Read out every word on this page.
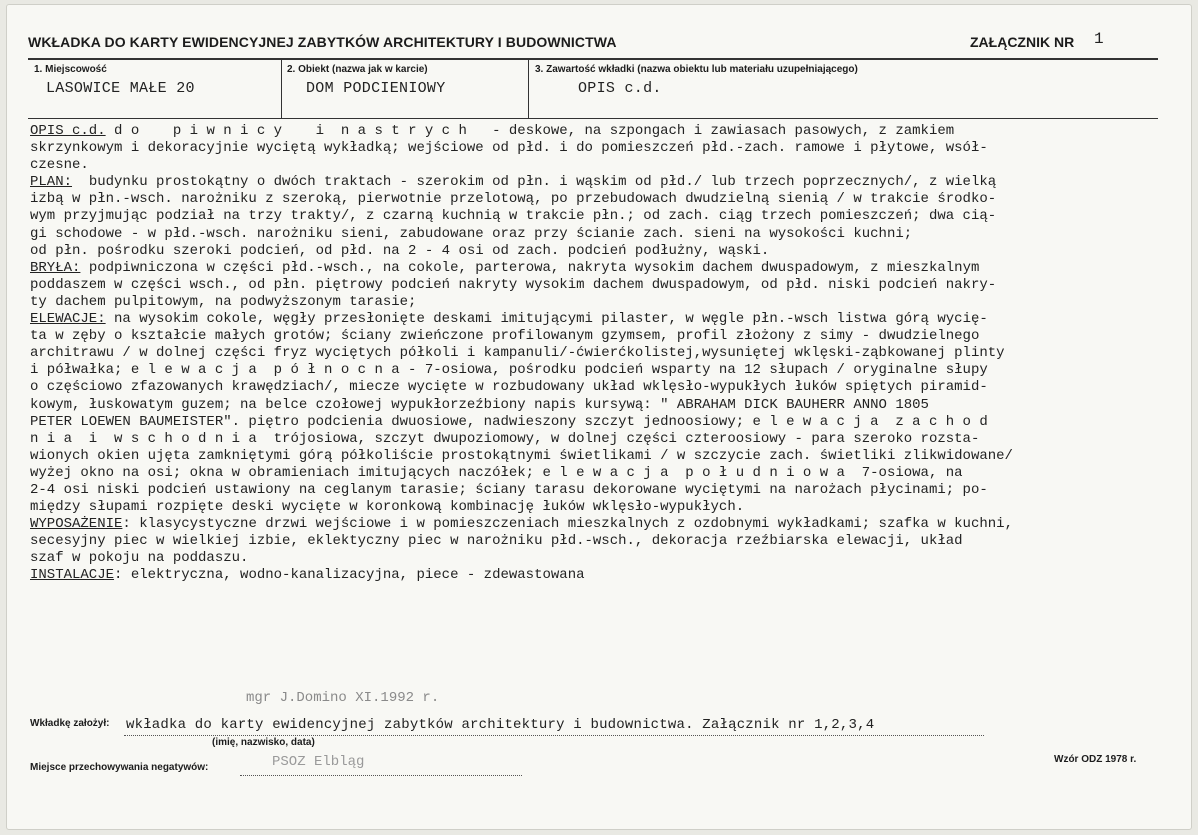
WKŁADKA DO KARTY EWIDENCYJNEJ ZABYTKÓW ARCHITEKTURY I BUDOWNICTWA	ZAŁĄCZNIK NR 1
1. Miejscowość
LASOWICE MAŁE 20
2. Obiekt (nazwa jak w karcie)
DOM PODCIENIOWY
3. Zawartość wkładki (nazwa obiektu lub materiału uzupełniającego)
OPIS c.d.
OPIS c.d. d o    p i w n i c y    i  n a s t r y c h   - deskowe, na szpongach i zawiasach pasowych, z zamkiem
skrzynkowym i dekoracyjnie wyciętą wykładką; wejściowe od płd. i do pomieszczeń płd.-zach. ramowe i płytowe, wsół-
czesne.
PLAN:  budynku prostokątny o dwóch traktach - szerokim od płn. i wąskim od płd./ lub trzech poprzecznych/, z wielką
izbą w płn.-wsch. narożniku z szeroką, pierwotnie przelotową, po przebudowach dwudzielną sienią / w trakcie środko-
wym przyjmując podział na trzy trakty/, z czarną kuchnią w trakcie płn.; od zach. ciąg trzech pomieszczeń; dwa cią-
gi schodowe - w płd.-wsch. narożniku sieni, zabudowane oraz przy ścianie zach. sieni na wysokości kuchni;
od płn. pośrodku szeroki podcień, od płd. na 2 - 4 osi od zach. podcień podłużny, wąski.
BRYŁA: podpiwniczona w części płd.-wsch., na cokole, parterowa, nakryta wysokim dachem dwuspadowym, z mieszkalnym
poddaszem w części wsch., od płn. piętrowy podcień nakryty wysokim dachem dwuspadowym, od płd. niski podcień nakry-
ty dachem pulpitowym, na podwyższonym tarasie;
ELEWACJE: na wysokim cokole, węgły przesłonięte deskami imitującymi pilaster, w węgle płn.-wsch listwa górą wycię-
ta w zęby o kształcie małych grotów; ściany zwieńczone profilowanym gzymsem, profil złożony z simy - dwudzielnego
architrawu / w dolnej części fryz wyciętych półkoli i kampanuli/-ćwierćkolistej,wysuniętej wklęski-ząbkowanej plinty
i półwałka; e l e w a c j a  p ó ł n o c n a - 7-osiowa, pośrodku podcień wsparty na 12 słupach / oryginalne słupy
o częściowo zfazowanych krawędziach/, miecze wycięte w rozbudowany układ wklęsło-wypukłych łuków spiętych piramid-
kowym, łuskowatym guzem; na belce czołowej wypukłorzeźbiony napis kursywą: " ABRAHAM DICK BAUHERR ANNO 1805
PETER LOEWEN BAUMEISTER". piętro podcienia dwuosiowe, nadwieszony szczyt jednoosiowy; e l e w a c j a  z a c h o d
n i a  i  w s c h o d n i a  trójosiowa, szczyt dwupoziomowy, w dolnej części czteroosiowy - para szeroko rozsta-
wionych okien ujęta zamkniętymi górą półkoliście prostokątnymi świetlikami / w szczycie zach. świetliki zlikwidowane/
wyżej okno na osi; okna w obramieniach imitujących naczółek; e l e w a c j a  p o ł u d n i o w a  7-osiowa, na
2-4 osi niski podcień ustawiony na ceglanym tarasie; ściany tarasu dekorowane wyciętymi na narożach płycinami; po-
między słupami rozpięte deski wycięte w koronkową kombinację łuków wklęsło-wypukłych.
WYPOSAŻENIE: klasycystyczne drzwi wejściowe i w pomieszczeniach mieszkalnych z ozdobnymi wykładkami; szafka w kuchni,
secesyjny piec w wielkiej izbie, eklektyczny piec w narożniku płd.-wsch., dekoracja rzeźbiarska elewacji, układ
szaf w pokoju na poddaszu.
INSTALACJE: elektryczna, wodno-kanalizacyjna, piece - zdewastowana
mgr J.Domino XI.1992 r.
Wkładkę założył: wkładka do karty ewidencyjnej zabytków architektury i budownictwa. Załącznik nr 1,2,3,4
(imię, nazwisko, data)
Miejsce przechowywania negatywów:	PSOZ Elbląg	Wzór ODZ 1978 r.
